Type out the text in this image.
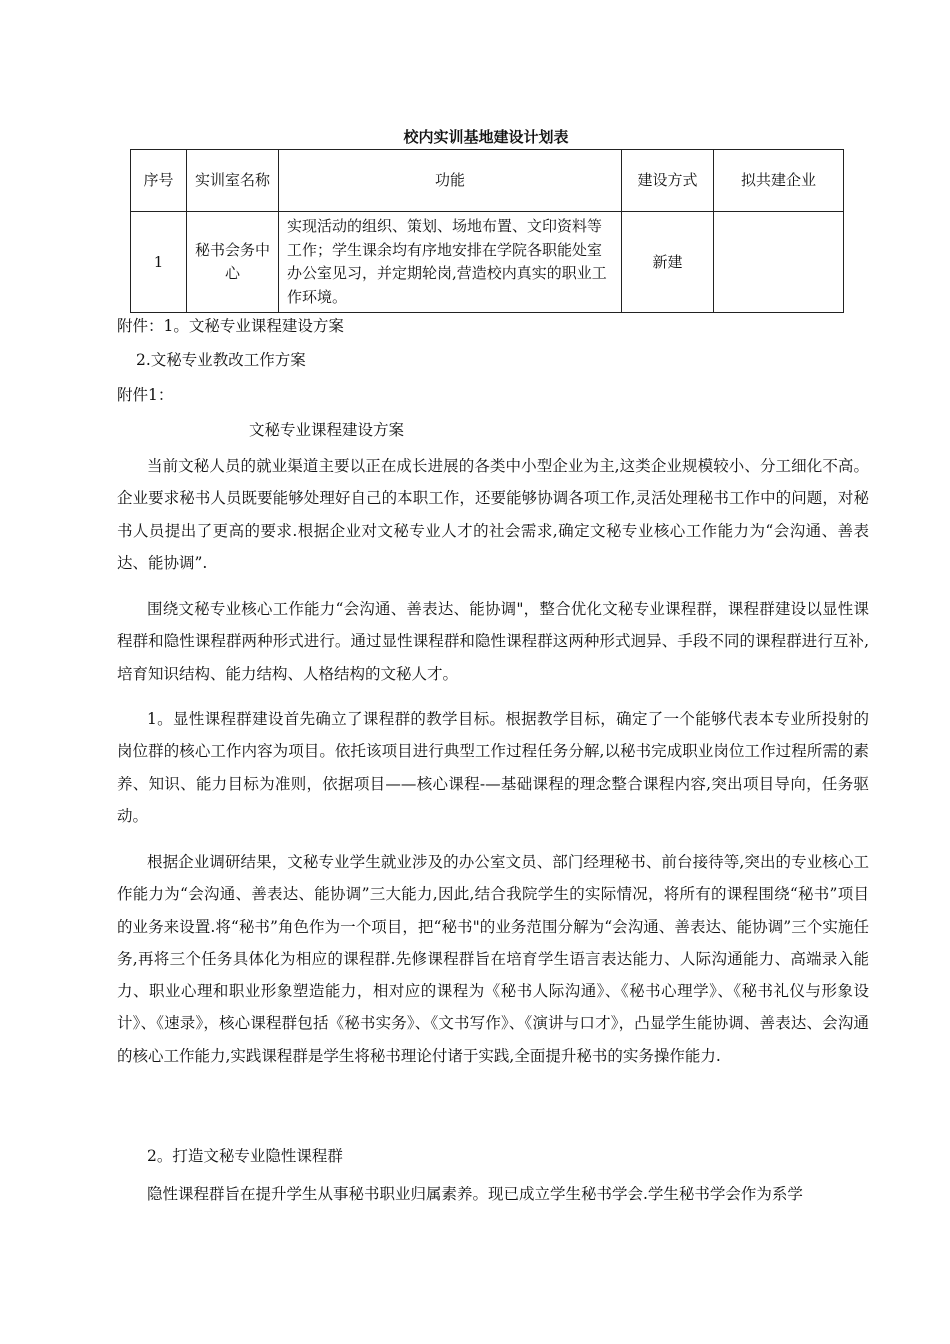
校内实训基地建设计划表
序号	实训室名称	功能	建设方式	拟共建企业
1	秘书会务中心	实现活动的组织、策划、场地布置、文印资料等工作；学生课余均有序地安排在学院各职能处室办公室见习，并定期轮岗,营造校内真实的职业工作环境。	新建	
附件：1。文秘专业课程建设方案
2.文秘专业教改工作方案
附件1：
文秘专业课程建设方案
当前文秘人员的就业渠道主要以正在成长进展的各类中小型企业为主,这类企业规模较小、分工细化不高。企业要求秘书人员既要能够处理好自己的本职工作，还要能够协调各项工作,灵活处理秘书工作中的问题，对秘书人员提出了更高的要求.根据企业对文秘专业人才的社会需求,确定文秘专业核心工作能力为“会沟通、善表达、能协调”.
围绕文秘专业核心工作能力“会沟通、善表达、能协调"，整合优化文秘专业课程群，课程群建设以显性课程群和隐性课程群两种形式进行。通过显性课程群和隐性课程群这两种形式迥异、手段不同的课程群进行互补,培育知识结构、能力结构、人格结构的文秘人才。
1。显性课程群建设首先确立了课程群的教学目标。根据教学目标，确定了一个能够代表本专业所投射的岗位群的核心工作内容为项目。依托该项目进行典型工作过程任务分解,以秘书完成职业岗位工作过程所需的素养、知识、能力目标为准则，依据项目——核心课程-—基础课程的理念整合课程内容,突出项目导向，任务驱动。
根据企业调研结果，文秘专业学生就业涉及的办公室文员、部门经理秘书、前台接待等,突出的专业核心工作能力为“会沟通、善表达、能协调”三大能力,因此,结合我院学生的实际情况，将所有的课程围绕“秘书”项目的业务来设置.将“秘书”角色作为一个项目，把“秘书"的业务范围分解为“会沟通、善表达、能协调”三个实施任务,再将三个任务具体化为相应的课程群.先修课程群旨在培育学生语言表达能力、人际沟通能力、高端录入能力、职业心理和职业形象塑造能力，相对应的课程为《秘书人际沟通》、《秘书心理学》、《秘书礼仪与形象设计》、《速录》，核心课程群包括《秘书实务》、《文书写作》、《演讲与口才》，凸显学生能协调、善表达、会沟通的核心工作能力,实践课程群是学生将秘书理论付诸于实践,全面提升秘书的实务操作能力.
2。打造文秘专业隐性课程群
隐性课程群旨在提升学生从事秘书职业归属素养。现已成立学生秘书学会.学生秘书学会作为系学
